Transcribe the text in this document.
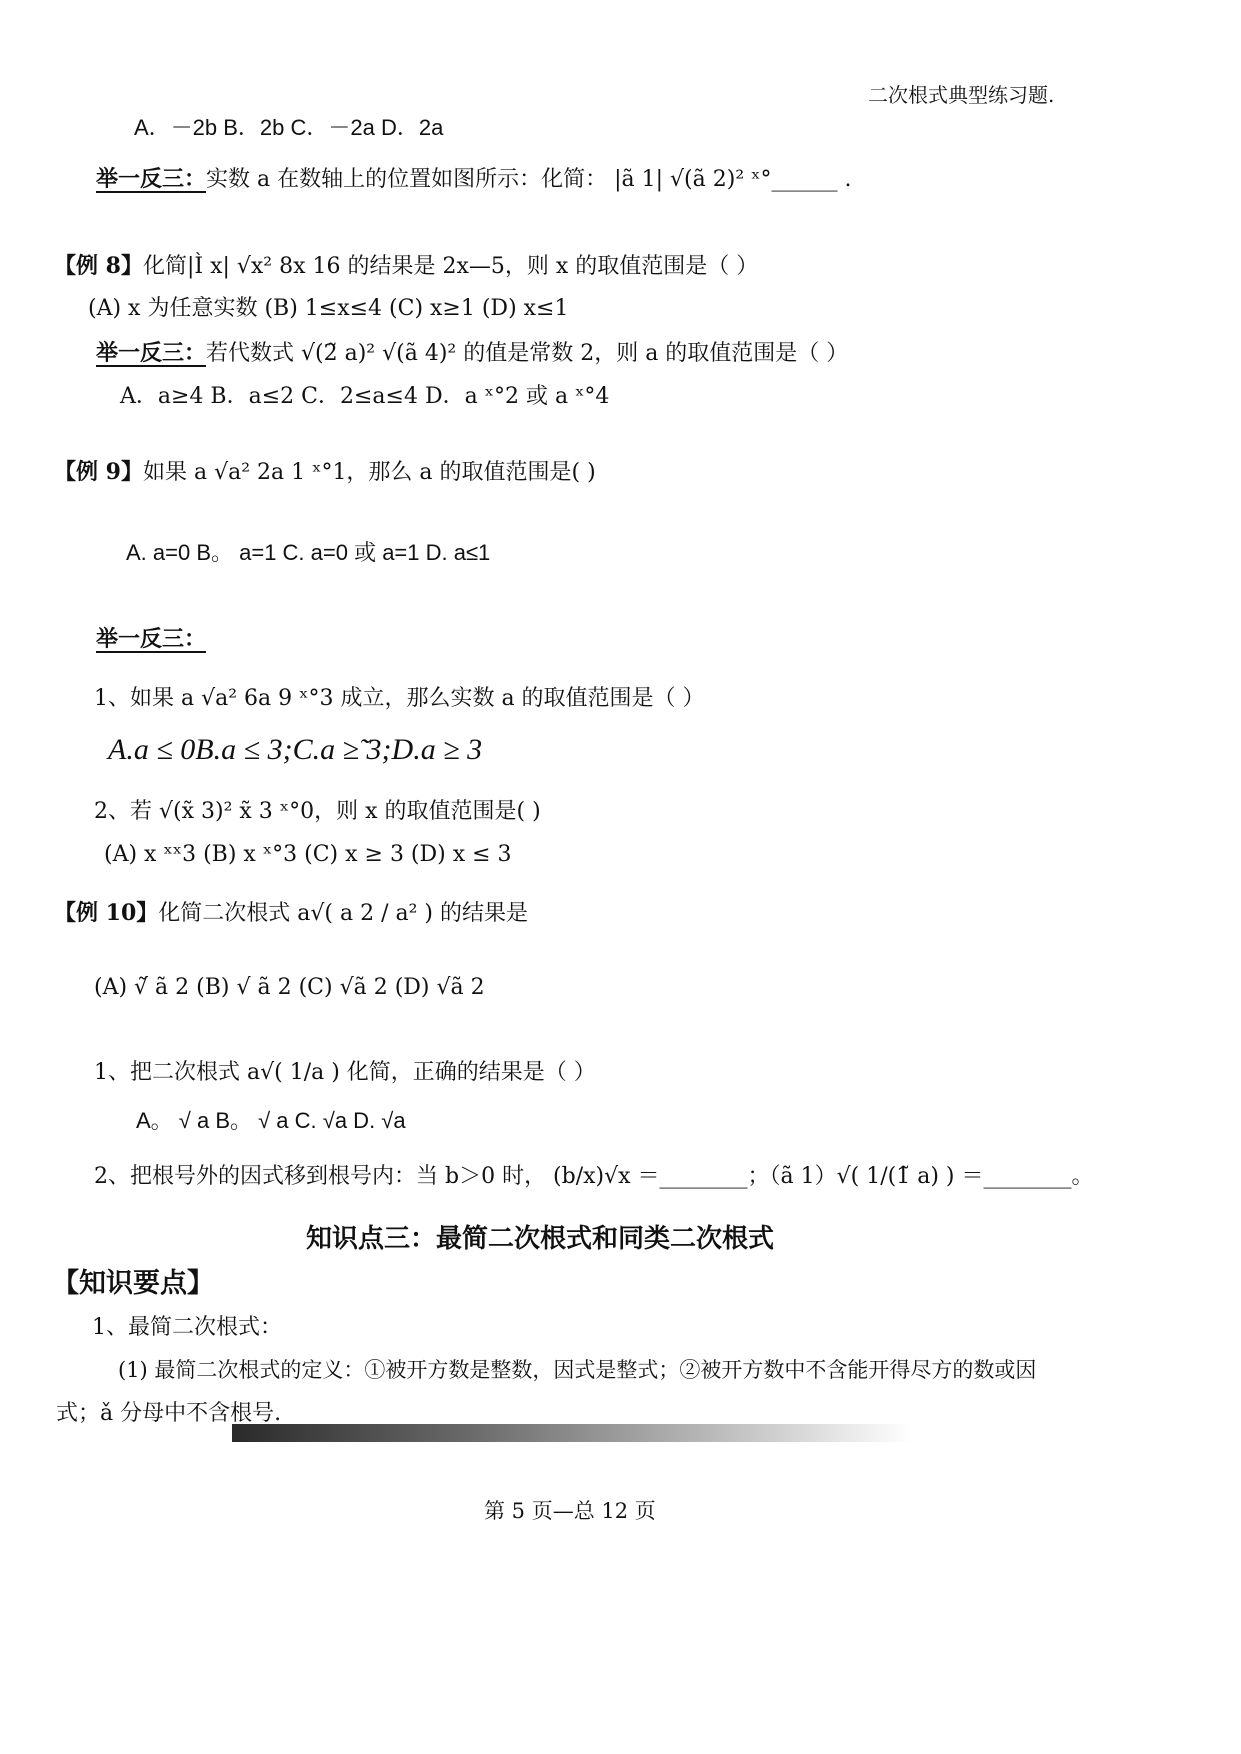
二次根式典型练习题.
A．－2b B．2b C．－2a D．2a
举一反三：实数 a 在数轴上的位置如图所示：化简： |ã 1| √(ã 2)² ˣ°______ .
【例 8】化简|Ì x| √x² 8x 16 的结果是 2x—5，则 x 的取值范围是（ ）
(A) x 为任意实数 (B) 1≤x≤4 (C) x≥1 (D) x≤1
举一反三：若代数式 √(2̃ a)² √(ã 4)² 的值是常数 2，则 a 的取值范围是（ ）
A．a≥4 B．a≤2 C．2≤a≤4 D．a ˣ°2 或 a ˣ°4
【例 9】如果 a √a² 2a 1 ˣ°1，那么 a 的取值范围是( )
A. a=0 B。 a=1 C. a=0 或 a=1 D. a≤1
举一反三：
1、如果 a √a² 6a 9 ˣ°3 成立，那么实数 a 的取值范围是（ ）
A.a ≤ 0B.a ≤ 3;C.a ≥̃ 3;D.a ≥ 3
2、若 √(x̃ 3)² x̃ 3 ˣ°0，则 x 的取值范围是( )
(A) x ˣˣ3 (B) x ˣ°3 (C) x ≥ 3 (D) x ≤ 3
【例 10】化简二次根式 a√( a 2 / a² ) 的结果是
(A) √̃ ã 2 (B) √ ã 2 (C) √ã 2 (D) √ã 2
1、把二次根式 a√( 1/a ) 化简，正确的结果是（ ）
A。 √ a B。 √ a C. √a D. √a
2、把根号外的因式移到根号内：当 b＞0 时， (b/x)√x ＝________；（ã 1）√( 1/(1̃ a) ) ＝________。
知识点三：最简二次根式和同类二次根式
【知识要点】
1、最简二次根式：
(1) 最简二次根式的定义：①被开方数是整数，因式是整式；②被开方数中不含能开得尽方的数或因
式；ǎ 分母中不含根号.
第 5 页—总 12 页
